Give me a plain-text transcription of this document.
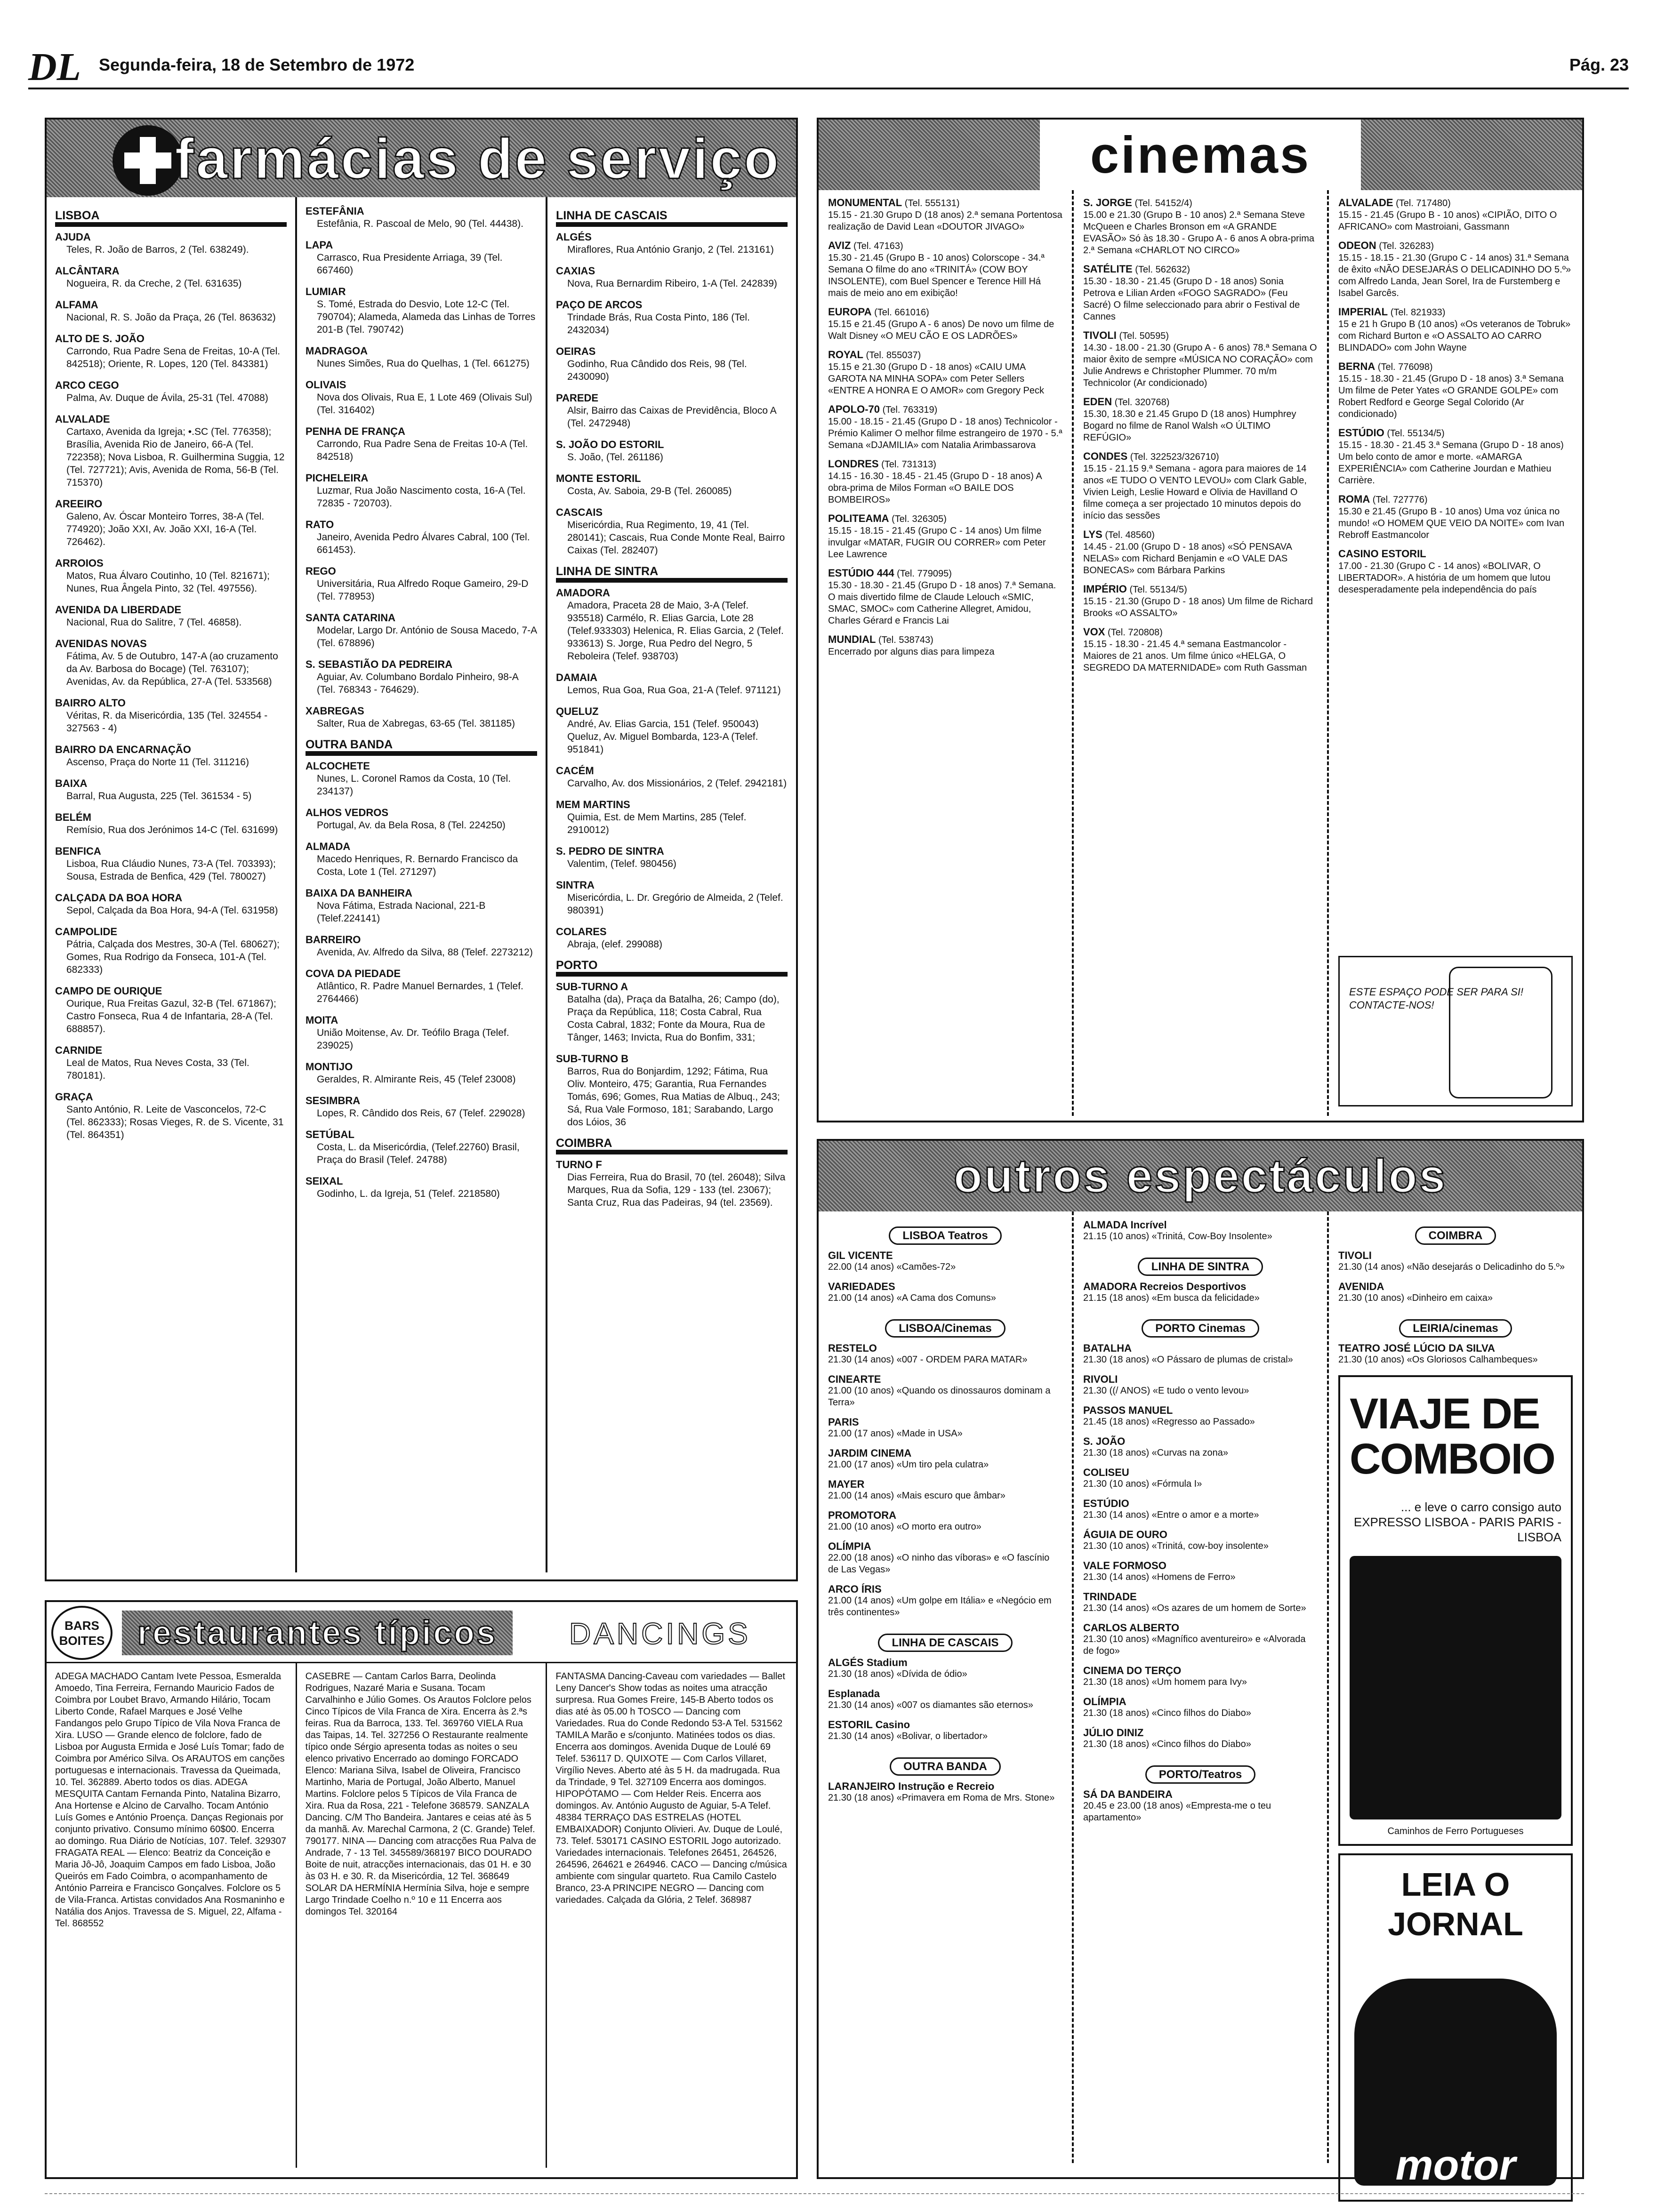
DL Segunda-feira, 18 de Setembro de 1972	Pág. 23
farmácias de serviço
LISBOA
AJUDA
Teles, R. João de Barros, 2 (Tel. 638249).
ALCÂNTARA
Nogueira, R. da Creche, 2 (Tel. 631635)
ALFAMA
Nacional, R. S. João da Praça, 26 (Tel. 863632)
ALTO DE S. JOÃO
Carrondo, Rua Padre Sena de Freitas, 10-A (Tel. 842518); Oriente, R. Lopes, 120 (Tel. 843381)
ARCO CEGO
Palma, Av. Duque de Ávila, 25-31 (Tel. 47088)
ALVALADE
Cartaxo, Avenida da Igreja; •.SC (Tel. 776358); Brasília, Avenida Rio de Janeiro, 66-A (Tel. 722358); Nova Lisboa, R. Guilhermina Suggia, 12 (Tel. 727721); Avis, Avenida de Roma, 56-B (Tel. 715370)
AREEIRO
Galeno, Av. Óscar Monteiro Torres, 38-A (Tel. 774920); João XXI, Av. João XXI, 16-A (Tel. 726462).
ARROIOS
Matos, Rua Álvaro Coutinho, 10 (Tel. 821671); Nunes, Rua Ângela Pinto, 32 (Tel. 497556).
AVENIDA DA LIBERDADE
Nacional, Rua do Salitre, 7 (Tel. 46858).
AVENIDAS NOVAS
Fátima, Av. 5 de Outubro, 147-A (ao cruzamento da Av. Barbosa do Bocage) (Tel. 763107); Avenidas, Av. da República, 27-A (Tel. 533568)
BAIRRO ALTO
Véritas, R. da Misericórdia, 135 (Tel. 324554 - 327563 - 4)
BAIRRO DA ENCARNAÇÃO
Ascenso, Praça do Norte 11 (Tel. 311216)
BAIXA
Barral, Rua Augusta, 225 (Tel. 361534 - 5)
BELÉM
Remísio, Rua dos Jerónimos 14-C (Tel. 631699)
BENFICA
Lisboa, Rua Cláudio Nunes, 73-A (Tel. 703393); Sousa, Estrada de Benfica, 429 (Tel. 780027)
CALÇADA DA BOA HORA
Sepol, Calçada da Boa Hora, 94-A (Tel. 631958)
CAMPOLIDE
Pátria, Calçada dos Mestres, 30-A (Tel. 680627); Gomes, Rua Rodrigo da Fonseca, 101-A (Tel. 682333)
CAMPO DE OURIQUE
Ourique, Rua Freitas Gazul, 32-B (Tel. 671867); Castro Fonseca, Rua 4 de Infantaria, 28-A (Tel. 688857).
CARNIDE
Leal de Matos, Rua Neves Costa, 33 (Tel. 780181).
GRAÇA
Santo António, R. Leite de Vasconcelos, 72-C (Tel. 862333); Rosas Vieges, R. de S. Vicente, 31 (Tel. 864351)
ESTEFÂNIA
Estefânia, R. Pascoal de Melo, 90 (Tel. 44438).
LAPA
Carrasco, Rua Presidente Arriaga, 39 (Tel. 667460)
LUMIAR
S. Tomé, Estrada do Desvio, Lote 12-C (Tel. 790704); Alameda, Alameda das Linhas de Torres 201-B (Tel. 790742)
MADRAGOA
Nunes Simões, Rua do Quelhas, 1 (Tel. 661275)
OLIVAIS
Nova dos Olivais, Rua E, 1 Lote 469 (Olivais Sul) (Tel. 316402)
PENHA DE FRANÇA
Carrondo, Rua Padre Sena de Freitas 10-A (Tel. 842518)
PICHELEIRA
Luzmar, Rua João Nascimento costa, 16-A (Tel. 72835 - 720703).
RATO
Janeiro, Avenida Pedro Álvares Cabral, 100 (Tel. 661453).
REGO
Universitária, Rua Alfredo Roque Gameiro, 29-D (Tel. 778953)
SANTA CATARINA
Modelar, Largo Dr. António de Sousa Macedo, 7-A (Tel. 678896)
S. SEBASTIÃO DA PEDREIRA
Aguiar, Av. Columbano Bordalo Pinheiro, 98-A (Tel. 768343 - 764629).
XABREGAS
Salter, Rua de Xabregas, 63-65 (Tel. 381185)
OUTRA BANDA
ALCOCHETE
Nunes, L. Coronel Ramos da Costa, 10 (Tel. 234137)
ALHOS VEDROS
Portugal, Av. da Bela Rosa, 8 (Tel. 224250)
ALMADA
Macedo Henriques, R. Bernardo Francisco da Costa, Lote 1 (Tel. 271297)
BAIXA DA BANHEIRA
Nova Fátima, Estrada Nacional, 221-B (Telef.224141)
BARREIRO
Avenida, Av. Alfredo da Silva, 88 (Telef. 2273212)
COVA DA PIEDADE
Atlântico, R. Padre Manuel Bernardes, 1 (Telef. 2764466)
MOITA
União Moitense, Av. Dr. Teófilo Braga (Telef. 239025)
MONTIJO
Geraldes, R. Almirante Reis, 45 (Telef 23008)
SESIMBRA
Lopes, R. Cândido dos Reis, 67 (Telef. 229028)
SETÚBAL
Costa, L. da Misericórdia, (Telef.22760) Brasil, Praça do Brasil (Telef. 24788)
SEIXAL
Godinho, L. da Igreja, 51 (Telef. 2218580)
LINHA DE CASCAIS
ALGÉS
Miraflores, Rua António Granjo, 2 (Tel. 213161)
CAXIAS
Nova, Rua Bernardim Ribeiro, 1-A (Tel. 242839)
PAÇO DE ARCOS
Trindade Brás, Rua Costa Pinto, 186 (Tel. 2432034)
OEIRAS
Godinho, Rua Cândido dos Reis, 98 (Tel. 2430090)
PAREDE
Alsir, Bairro das Caixas de Previdência, Bloco A (Tel. 2472948)
S. JOÃO DO ESTORIL
S. João, (Tel. 261186)
MONTE ESTORIL
Costa, Av. Saboia, 29-B (Tel. 260085)
CASCAIS
Misericórdia, Rua Regimento, 19, 41 (Tel. 280141); Cascais, Rua Conde Monte Real, Bairro Caixas (Tel. 282407)
LINHA DE SINTRA
AMADORA
Amadora, Praceta 28 de Maio, 3-A (Telef. 935518) Carmélo, R. Elias Garcia, Lote 28 (Telef.933303) Helenica, R. Elias Garcia, 2 (Telef. 933613) S. Jorge, Rua Pedro del Negro, 5 Reboleira (Telef. 938703)
DAMAIA
Lemos, Rua Goa, Rua Goa, 21-A (Telef. 971121)
QUELUZ
André, Av. Elias Garcia, 151 (Telef. 950043) Queluz, Av. Miguel Bombarda, 123-A (Telef. 951841)
CACÉM
Carvalho, Av. dos Missionários, 2 (Telef. 2942181)
MEM MARTINS
Quimia, Est. de Mem Martins, 285 (Telef. 2910012)
S. PEDRO DE SINTRA
Valentim, (Telef. 980456)
SINTRA
Misericórdia, L. Dr. Gregório de Almeida, 2 (Telef. 980391)
COLARES
Abraja, (elef. 299088)
PORTO
SUB-TURNO A
Batalha (da), Praça da Batalha, 26; Campo (do), Praça da República, 118; Costa Cabral, Rua Costa Cabral, 1832; Fonte da Moura, Rua de Tânger, 1463; Invicta, Rua do Bonfim, 331;
SUB-TURNO B
Barros, Rua do Bonjardim, 1292; Fátima, Rua Oliv. Monteiro, 475; Garantia, Rua Fernandes Tomás, 696; Gomes, Rua Matias de Albuq., 243; Sá, Rua Vale Formoso, 181; Sarabando, Largo dos Lóios, 36
COIMBRA
TURNO F
Dias Ferreira, Rua do Brasil, 70 (tel. 26048); Silva Marques, Rua da Sofia, 129 - 133 (tel. 23067); Santa Cruz, Rua das Padeiras, 94 (tel. 23569).
cinemas
MONUMENTAL (Tel. 555131)
15.15 - 21.30 Grupo D (18 anos) 2.ª semana Portentosa realização de David Lean «DOUTOR JIVAGO»
AVIZ (Tel. 47163)
15.30 - 21.45 (Grupo B - 10 anos) Colorscope - 34.ª Semana O filme do ano «TRINITÁ» (COW BOY INSOLENTE), com Buel Spencer e Terence Hill Há mais de meio ano em exibição!
EUROPA (Tel. 661016)
15.15 e 21.45 (Grupo A - 6 anos) De novo um filme de Walt Disney «O MEU CÃO E OS LADRÕES»
ROYAL (Tel. 855037)
15.15 e 21.30 (Grupo D - 18 anos) «CAIU UMA GAROTA NA MINHA SOPA» com Peter Sellers «ENTRE A HONRA E O AMOR» com Gregory Peck
APOLO-70 (Tel. 763319)
15.00 - 18.15 - 21.45 (Grupo D - 18 anos) Technicolor - Prémio Kalimer O melhor filme estrangeiro de 1970 - 5.ª Semana «DJAMILIA» com Natalia Arimbassarova
LONDRES (Tel. 731313)
14.15 - 16.30 - 18.45 - 21.45 (Grupo D - 18 anos) A obra-prima de Milos Forman «O BAILE DOS BOMBEIROS»
POLITEAMA (Tel. 326305)
15.15 - 18.15 - 21.45 (Grupo C - 14 anos) Um filme invulgar «MATAR, FUGIR OU CORRER» com Peter Lee Lawrence
ESTÚDIO 444 (Tel. 779095)
15.30 - 18.30 - 21.45 (Grupo D - 18 anos) 7.ª Semana. O mais divertido filme de Claude Lelouch «SMIC, SMAC, SMOC» com Catherine Allegret, Amidou, Charles Gérard e Francis Lai
MUNDIAL (Tel. 538743)
Encerrado por alguns dias para limpeza
S. JORGE (Tel. 54152/4)
15.00 e 21.30 (Grupo B - 10 anos) 2.ª Semana Steve McQueen e Charles Bronson em «A GRANDE EVASÃO» Só às 18.30 - Grupo A - 6 anos A obra-prima 2.ª Semana «CHARLOT NO CIRCO»
SATÉLITE (Tel. 562632)
15.30 - 18.30 - 21.45 (Grupo D - 18 anos) Sonia Petrova e Lilian Arden «FOGO SAGRADO» (Feu Sacré) O filme seleccionado para abrir o Festival de Cannes
TIVOLI (Tel. 50595)
14.30 - 18.00 - 21.30 (Grupo A - 6 anos) 78.ª Semana O maior êxito de sempre «MÚSICA NO CORAÇÃO» com Julie Andrews e Christopher Plummer. 70 m/m Technicolor (Ar condicionado)
EDEN (Tel. 320768)
15.30, 18.30 e 21.45 Grupo D (18 anos) Humphrey Bogard no filme de Ranol Walsh «O ÚLTIMO REFÚGIO»
CONDES (Tel. 322523/326710)
15.15 - 21.15 9.ª Semana - agora para maiores de 14 anos «E TUDO O VENTO LEVOU» com Clark Gable, Vivien Leigh, Leslie Howard e Olivia de Havilland O filme começa a ser projectado 10 minutos depois do início das sessões
LYS (Tel. 48560)
14.45 - 21.00 (Grupo D - 18 anos) «SÓ PENSAVA NELAS» com Richard Benjamin e «O VALE DAS BONECAS» com Bárbara Parkins
IMPÉRIO (Tel. 55134/5)
15.15 - 21.30 (Grupo D - 18 anos) Um filme de Richard Brooks «O ASSALTO»
VOX (Tel. 720808)
15.15 - 18.30 - 21.45 4.ª semana Eastmancolor - Maiores de 21 anos. Um filme único «HELGA, O SEGREDO DA MATERNIDADE» com Ruth Gassman
ESTE ESPAÇO PODE SER PARA SI! CONTACTE-NOS!
ALVALADE (Tel. 717480)
15.15 - 21.45 (Grupo B - 10 anos) «CIPIÃO, DITO O AFRICANO» com Mastroiani, Gassmann
ODEON (Tel. 326283)
15.15 - 18.15 - 21.30 (Grupo C - 14 anos) 31.ª Semana de êxito «NÃO DESEJARÁS O DELICADINHO DO 5.º» com Alfredo Landa, Jean Sorel, Ira de Furstemberg e Isabel Garcês.
IMPERIAL (Tel. 821933)
15 e 21 h Grupo B (10 anos) «Os veteranos de Tobruk» com Richard Burton e «O ASSALTO AO CARRO BLINDADO» com John Wayne
BERNA (Tel. 776098)
15.15 - 18.30 - 21.45 (Grupo D - 18 anos) 3.ª Semana Um filme de Peter Yates «O GRANDE GOLPE» com Robert Redford e George Segal Colorido (Ar condicionado)
ESTÚDIO (Tel. 55134/5)
15.15 - 18.30 - 21.45 3.ª Semana (Grupo D - 18 anos) Um belo conto de amor e morte. «AMARGA EXPERIÊNCIA» com Catherine Jourdan e Mathieu Carrière.
ROMA (Tel. 727776)
15.30 e 21.45 (Grupo B - 10 anos) Uma voz única no mundo! «O HOMEM QUE VEIO DA NOITE» com Ivan Rebroff Eastmancolor
CASINO ESTORIL
17.00 - 21.30 (Grupo C - 14 anos) «BOLIVAR, O LIBERTADOR». A história de um homem que lutou desesperadamente pela independência do país
outros espectáculos
LISBOA Teatros
GIL VICENTE
22.00 (14 anos) «Camões-72»
VARIEDADES
21.00 (14 anos) «A Cama dos Comuns»
LISBOA/Cinemas
RESTELO
21.30 (14 anos) «007 - ORDEM PARA MATAR»
CINEARTE
21.00 (10 anos) «Quando os dinossauros dominam a Terra»
PARIS
21.00 (17 anos) «Made in USA»
JARDIM CINEMA
21.00 (17 anos) «Um tiro pela culatra»
MAYER
21.00 (14 anos) «Mais escuro que âmbar»
PROMOTORA
21.00 (10 anos) «O morto era outro»
OLÍMPIA
22.00 (18 anos) «O ninho das víboras» e «O fascínio de Las Vegas»
ARCO ÍRIS
21.00 (14 anos) «Um golpe em Itália» e «Negócio em três continentes»
LINHA DE CASCAIS
ALGÉS Stadium
21.30 (18 anos) «Dívida de ódio»
Esplanada
21.30 (14 anos) «007 os diamantes são eternos»
ESTORIL Casino
21.30 (14 anos) «Bolivar, o libertador»
OUTRA BANDA
LARANJEIRO Instrução e Recreio
21.30 (18 anos) «Primavera em Roma de Mrs. Stone»
ALMADA Incrível
21.15 (10 anos) «Trinitá, Cow-Boy Insolente»
LINHA DE SINTRA
AMADORA Recreios Desportivos
21.15 (18 anos) «Em busca da felicidade»
PORTO Cinemas
BATALHA
21.30 (18 anos) «O Pássaro de plumas de cristal»
RIVOLI
21.30 ((/ ANOS) «E tudo o vento levou»
PASSOS MANUEL
21.45 (18 anos) «Regresso ao Passado»
S. JOÃO
21.30 (18 anos) «Curvas na zona»
COLISEU
21.30 (10 anos) «Fórmula I»
ESTÚDIO
21.30 (14 anos) «Entre o amor e a morte»
ÁGUIA DE OURO
21.30 (10 anos) «Trinitá, cow-boy insolente»
VALE FORMOSO
21.30 (14 anos) «Homens de Ferro»
TRINDADE
21.30 (14 anos) «Os azares de um homem de Sorte»
CARLOS ALBERTO
21.30 (10 anos) «Magnífico aventureiro» e «Alvorada de fogo»
CINEMA DO TERÇO
21.30 (18 anos) «Um homem para Ivy»
OLÍMPIA
21.30 (18 anos) «Cinco filhos do Diabo»
JÚLIO DINIZ
21.30 (18 anos) «Cinco filhos do Diabo»
PORTO/Teatros
SÁ DA BANDEIRA
20.45 e 23.00 (18 anos) «Empresta-me o teu apartamento»
COIMBRA
TIVOLI
21.30 (14 anos) «Não desejarás o Delicadinho do 5.º»
AVENIDA
21.30 (10 anos) «Dinheiro em caixa»
LEIRIA/cinemas
TEATRO JOSÉ LÚCIO DA SILVA
21.30 (10 anos) «Os Gloriosos Calhambeques»
VIAJE DE COMBOIO
... e leve o carro consigo auto EXPRESSO LISBOA - PARIS PARIS - LISBOA
Caminhos de Ferro Portugueses
LEIA O JORNAL
motor
BARS BOITES restaurantes típicos	DANCINGS
ADEGA MACHADO Cantam Ivete Pessoa, Esmeralda Amoedo, Tina Ferreira, Fernando Mauricio Fados de Coimbra por Loubet Bravo, Armando Hilário, Tocam Liberto Conde, Rafael Marques e José Velhe Fandangos pelo Grupo Típico de Vila Nova Franca de Xira. LUSO — Grande elenco de folclore, fado de Lisboa por Augusta Ermida e José Luís Tomar; fado de Coimbra por Américo Silva. Os ARAUTOS em canções portuguesas e internacionais. Travessa da Queimada, 10. Tel. 362889. Aberto todos os dias. ADEGA MESQUITA Cantam Fernanda Pinto, Natalina Bizarro, Ana Hortense e Alcino de Carvalho. Tocam António Luís Gomes e António Proença. Danças Regionais por conjunto privativo. Consumo mínimo 60$00. Encerra ao domingo. Rua Diário de Notícias, 107. Telef. 329307 FRAGATA REAL — Elenco: Beatriz da Conceição e Maria Jô-Jô, Joaquim Campos em fado Lisboa, João Queirós em Fado Coimbra, o acompanhamento de António Parreira e Francisco Gonçalves. Folclore os 5 de Vila-Franca. Artistas convidados Ana Rosmaninho e Natália dos Anjos. Travessa de S. Miguel, 22, Alfama - Tel. 868552
CASEBRE — Cantam Carlos Barra, Deolinda Rodrigues, Nazaré Maria e Susana. Tocam Carvalhinho e Júlio Gomes. Os Arautos Folclore pelos Cinco Típicos de Vila Franca de Xira. Encerra às 2.ªs feiras. Rua da Barroca, 133. Tel. 369760 VIELA Rua das Taipas, 14. Tel. 327256 O Restaurante realmente típico onde Sérgio apresenta todas as noites o seu elenco privativo Encerrado ao domingo FORCADO Elenco: Mariana Silva, Isabel de Oliveira, Francisco Martinho, Maria de Portugal, João Alberto, Manuel Martins. Folclore pelos 5 Típicos de Vila Franca de Xira. Rua da Rosa, 221 - Telefone 368579. SANZALA Dancing. C/M Tho Bandeira. Jantares e ceias até às 5 da manhã. Av. Marechal Carmona, 2 (C. Grande) Telef. 790177. NINA — Dancing com atracções Rua Palva de Andrade, 7 - 13 Tel. 345589/368197 BICO DOURADO Boite de nuit, atracções internacionais, das 01 H. e 30 às 03 H. e 30. R. da Misericórdia, 12 Tel. 368649 SOLAR DA HERMÍNIA Hermínia Silva, hoje e sempre Largo Trindade Coelho n.º 10 e 11 Encerra aos domingos Tel. 320164
FANTASMA Dancing-Caveau com variedades — Ballet Leny Dancer's Show todas as noites uma atracção surpresa. Rua Gomes Freire, 145-B Aberto todos os dias até às 05.00 h TOSCO — Dancing com Variedades. Rua do Conde Redondo 53-A Tel. 531562 TAMILA Marão e s/conjunto. Matinées todos os dias. Encerra aos domingos. Avenida Duque de Loulé 69 Telef. 536117 D. QUIXOTE — Com Carlos Villaret, Virgílio Neves. Aberto até às 5 H. da madrugada. Rua da Trindade, 9 Tel. 327109 Encerra aos domingos. HIPOPÓTAMO — Com Helder Reis. Encerra aos domingos. Av. António Augusto de Aguiar, 5-A Telef. 48384 TERRAÇO DAS ESTRELAS (HOTEL EMBAIXADOR) Conjunto Olivieri. Av. Duque de Loulé, 73. Telef. 530171 CASINO ESTORIL Jogo autorizado. Variedades internacionais. Telefones 26451, 264526, 264596, 264621 e 264946. CACO — Dancing c/música ambiente com singular quarteto. Rua Camilo Castelo Branco, 23-A PRINCIPE NEGRO — Dancing com variedades. Calçada da Glória, 2 Telef. 368987
